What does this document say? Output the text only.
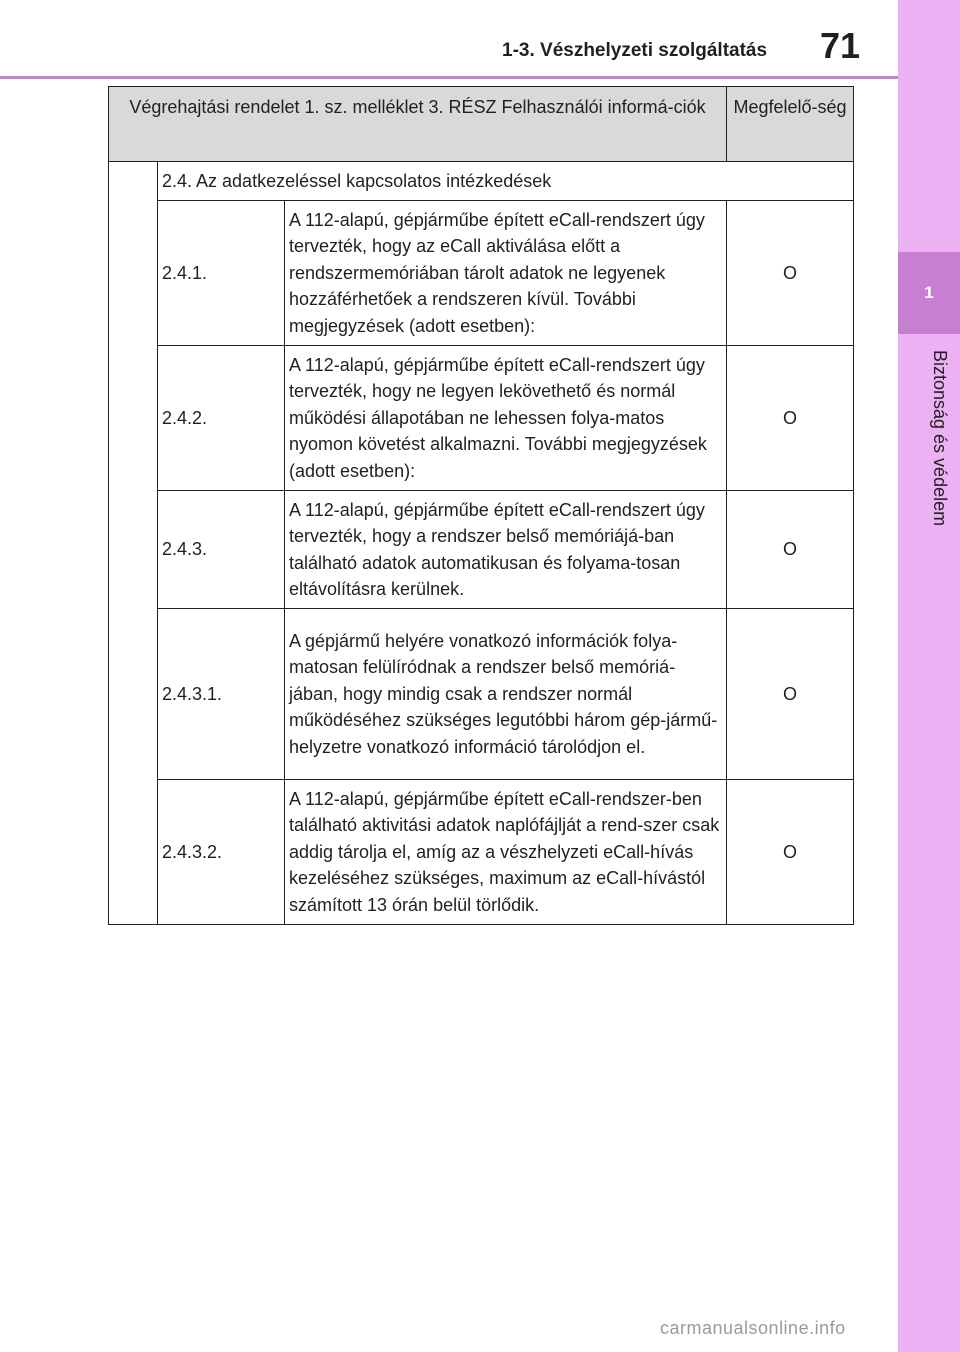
1-3. Vészhelyzeti szolgáltatás 71
1
Biztonság és védelem
Végrehajtási rendelet 1. sz. melléklet 3. RÉSZ Felhasználói informá-ciók			Megfelelő-ség
	2.4. Az adatkezeléssel kapcsolatos intézkedések		
	2.4.1.	A 112-alapú, gépjárműbe épített eCall-rendszert úgy tervezték, hogy az eCall aktiválása előtt a rendszermemóriában tárolt adatok ne legyenek hozzáférhetőek a rendszeren kívül. További megjegyzések (adott esetben):	O
	2.4.2.	A 112-alapú, gépjárműbe épített eCall-rendszert úgy tervezték, hogy ne legyen lekövethető és normál működési állapotában ne lehessen folya-matos nyomon követést alkalmazni. További megjegyzések (adott esetben):	O
	2.4.3.	A 112-alapú, gépjárműbe épített eCall-rendszert úgy tervezték, hogy a rendszer belső memóriájá-ban található adatok automatikusan és folyama-tosan eltávolításra kerülnek.	O
	2.4.3.1.	A gépjármű helyére vonatkozó információk folya-matosan felülíródnak a rendszer belső memóriá-jában, hogy mindig csak a rendszer normál működéséhez szükséges legutóbbi három gép-jármű-helyzetre vonatkozó információ tárolódjon el.	O
	2.4.3.2.	A 112-alapú, gépjárműbe épített eCall-rendszer-ben található aktivitási adatok naplófájlját a rend-szer csak addig tárolja el, amíg az a vészhelyzeti eCall-hívás kezeléséhez szükséges, maximum az eCall-hívástól számított 13 órán belül törlődik.	O
carmanualsonline.info
